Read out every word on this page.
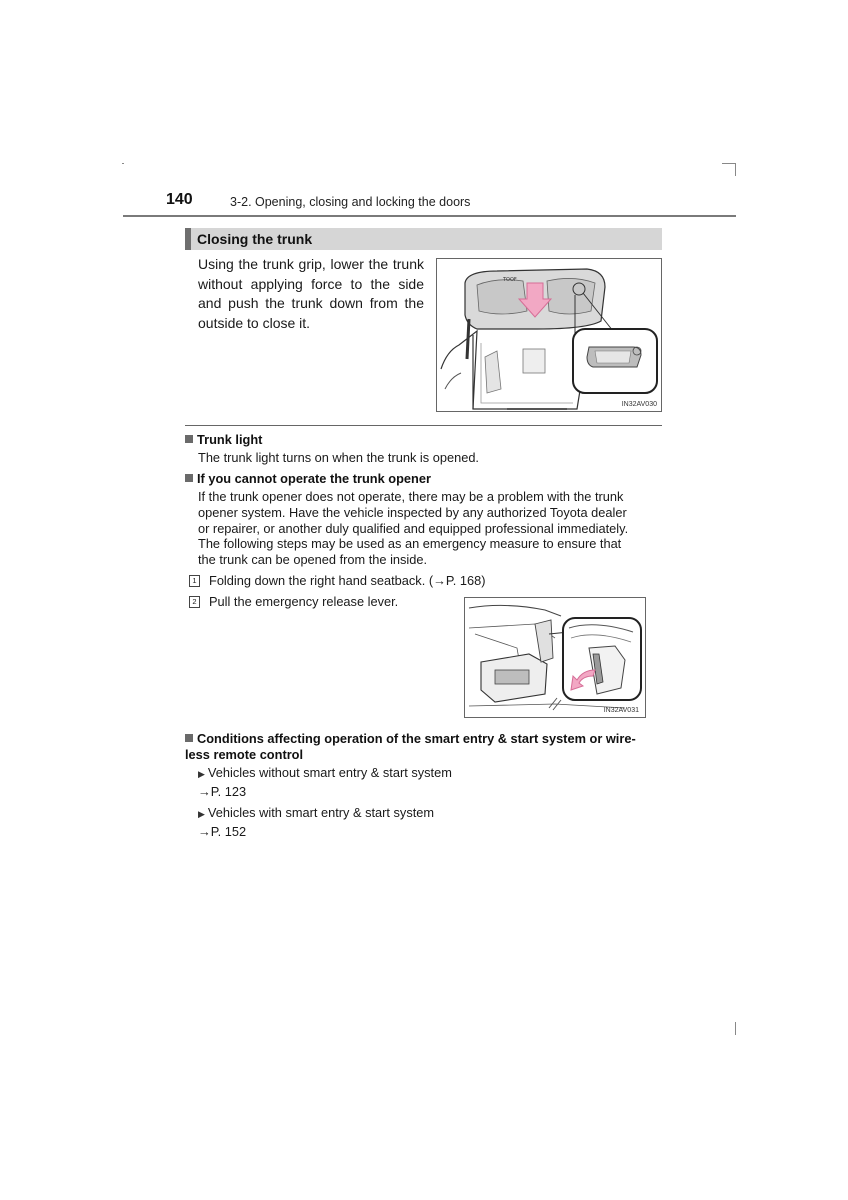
140	3-2. Opening, closing and locking the doors
Closing the trunk
Using the trunk grip, lower the trunk without applying force to the side and push the trunk down from the outside to close it.
TOOF
IN32AV030
Trunk light
The trunk light turns on when the trunk is opened.
If you cannot operate the trunk opener
If the trunk opener does not operate, there may be a problem with the trunk
opener system. Have the vehicle inspected by any authorized Toyota dealer
or repairer, or another duly qualified and equipped professional immediately.
The following steps may be used as an emergency measure to ensure that
the trunk can be opened from the inside.
1 Folding down the right hand seatback. (→P. 168)
2 Pull the emergency release lever.
IN32AV031
Conditions affecting operation of the smart entry & start system or wire-
less remote control
▶ Vehicles without smart entry & start system
→P. 123
▶ Vehicles with smart entry & start system
→P. 152
